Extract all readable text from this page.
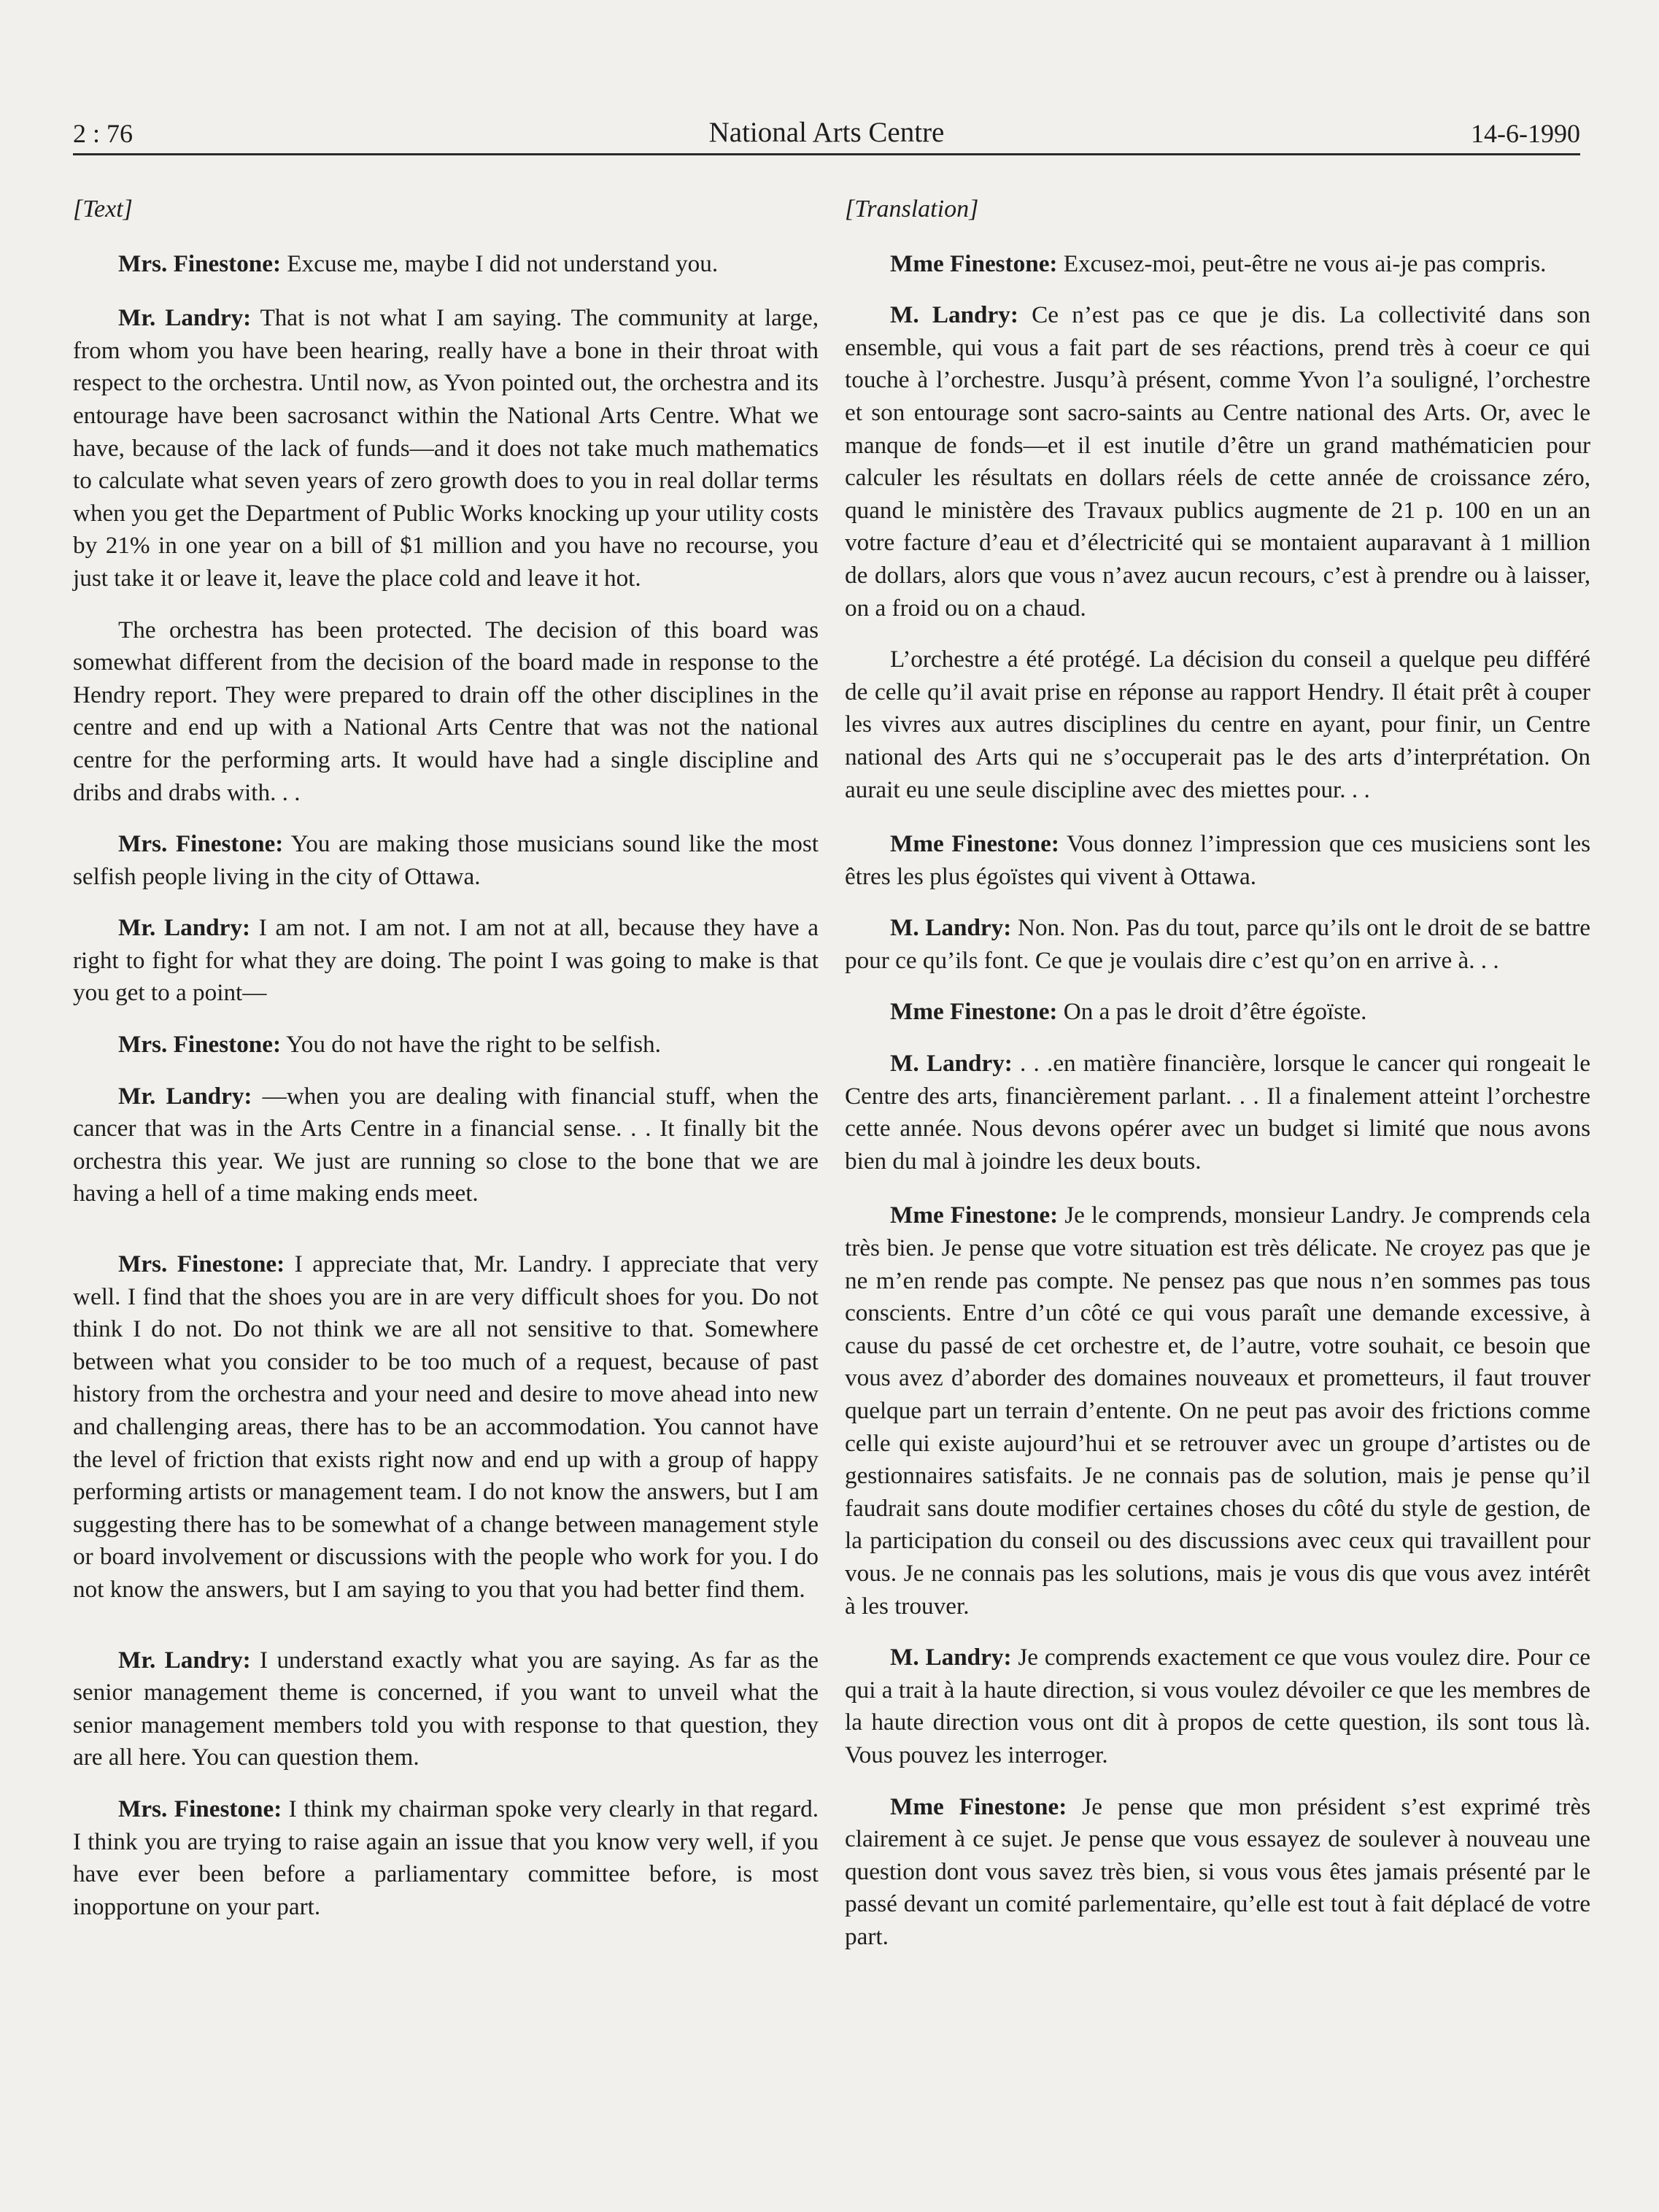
2 : 76	National Arts Centre	14-6-1990
[Text]

Mrs. Finestone: Excuse me, maybe I did not understand you.

Mr. Landry: That is not what I am saying. The community at large, from whom you have been hearing, really have a bone in their throat with respect to the orchestra. Until now, as Yvon pointed out, the orchestra and its entourage have been sacrosanct within the National Arts Centre. What we have, because of the lack of funds—and it does not take much mathematics to calculate what seven years of zero growth does to you in real dollar terms when you get the Department of Public Works knocking up your utility costs by 21% in one year on a bill of $1 million and you have no recourse, you just take it or leave it, leave the place cold and leave it hot.

The orchestra has been protected. The decision of this board was somewhat different from the decision of the board made in response to the Hendry report. They were prepared to drain off the other disciplines in the centre and end up with a National Arts Centre that was not the national centre for the performing arts. It would have had a single discipline and dribs and drabs with. . .

Mrs. Finestone: You are making those musicians sound like the most selfish people living in the city of Ottawa.

Mr. Landry: I am not. I am not. I am not at all, because they have a right to fight for what they are doing. The point I was going to make is that you get to a point—

Mrs. Finestone: You do not have the right to be selfish.

Mr. Landry: —when you are dealing with financial stuff, when the cancer that was in the Arts Centre in a financial sense. . . It finally bit the orchestra this year. We just are running so close to the bone that we are having a hell of a time making ends meet.

Mrs. Finestone: I appreciate that, Mr. Landry. I appreciate that very well. I find that the shoes you are in are very difficult shoes for you. Do not think I do not. Do not think we are all not sensitive to that. Somewhere between what you consider to be too much of a request, because of past history from the orchestra and your need and desire to move ahead into new and challenging areas, there has to be an accommodation. You cannot have the level of friction that exists right now and end up with a group of happy performing artists or management team. I do not know the answers, but I am suggesting there has to be somewhat of a change between management style or board involvement or discussions with the people who work for you. I do not know the answers, but I am saying to you that you had better find them.

Mr. Landry: I understand exactly what you are saying. As far as the senior management theme is concerned, if you want to unveil what the senior management members told you with response to that question, they are all here. You can question them.

Mrs. Finestone: I think my chairman spoke very clearly in that regard. I think you are trying to raise again an issue that you know very well, if you have ever been before a parliamentary committee before, is most inopportune on your part.

[Translation]

Mme Finestone: Excusez-moi, peut-être ne vous ai-je pas compris.

M. Landry: Ce n’est pas ce que je dis. La collectivité dans son ensemble, qui vous a fait part de ses réactions, prend très à coeur ce qui touche à l’orchestre. Jusqu’à présent, comme Yvon l’a souligné, l’orchestre et son entourage sont sacro-saints au Centre national des Arts. Or, avec le manque de fonds—et il est inutile d’être un grand mathématicien pour calculer les résultats en dollars réels de cette année de croissance zéro, quand le ministère des Travaux publics augmente de 21 p. 100 en un an votre facture d’eau et d’électricité qui se montaient auparavant à 1 million de dollars, alors que vous n’avez aucun recours, c’est à prendre ou à laisser, on a froid ou on a chaud.

L’orchestre a été protégé. La décision du conseil a quelque peu différé de celle qu’il avait prise en réponse au rapport Hendry. Il était prêt à couper les vivres aux autres disciplines du centre en ayant, pour finir, un Centre national des Arts qui ne s’occuperait pas le des arts d’interprétation. On aurait eu une seule discipline avec des miettes pour. . .

Mme Finestone: Vous donnez l’impression que ces musiciens sont les êtres les plus égoïstes qui vivent à Ottawa.

M. Landry: Non. Non. Pas du tout, parce qu’ils ont le droit de se battre pour ce qu’ils font. Ce que je voulais dire c’est qu’on en arrive à. . .

Mme Finestone: On a pas le droit d’être égoïste.

M. Landry: . . .en matière financière, lorsque le cancer qui rongeait le Centre des arts, financièrement parlant. . . Il a finalement atteint l’orchestre cette année. Nous devons opérer avec un budget si limité que nous avons bien du mal à joindre les deux bouts.

Mme Finestone: Je le comprends, monsieur Landry. Je comprends cela très bien. Je pense que votre situation est très délicate. Ne croyez pas que je ne m’en rende pas compte. Ne pensez pas que nous n’en sommes pas tous conscients. Entre d’un côté ce qui vous paraît une demande excessive, à cause du passé de cet orchestre et, de l’autre, votre souhait, ce besoin que vous avez d’aborder des domaines nouveaux et prometteurs, il faut trouver quelque part un terrain d’entente. On ne peut pas avoir des frictions comme celle qui existe aujourd’hui et se retrouver avec un groupe d’artistes ou de gestionnaires satisfaits. Je ne connais pas de solution, mais je pense qu’il faudrait sans doute modifier certaines choses du côté du style de gestion, de la participation du conseil ou des discussions avec ceux qui travaillent pour vous. Je ne connais pas les solutions, mais je vous dis que vous avez intérêt à les trouver.

M. Landry: Je comprends exactement ce que vous voulez dire. Pour ce qui a trait à la haute direction, si vous voulez dévoiler ce que les membres de la haute direction vous ont dit à propos de cette question, ils sont tous là. Vous pouvez les interroger.

Mme Finestone: Je pense que mon président s’est exprimé très clairement à ce sujet. Je pense que vous essayez de soulever à nouveau une question dont vous savez très bien, si vous vous êtes jamais présenté par le passé devant un comité parlementaire, qu’elle est tout à fait déplacé de votre part.
